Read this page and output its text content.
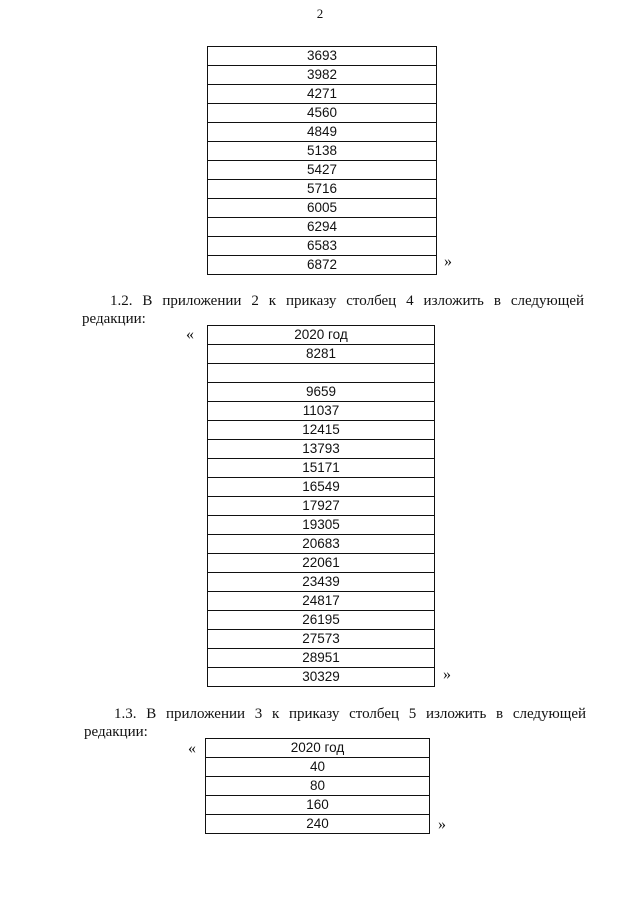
2
3693
3982
4271
4560
4849
5138
5427
5716
6005
6294
6583
6872	»
1.2. В приложении 2 к приказу столбец 4 изложить в следующей
редакции:
«	2020 год
8281

9659
11037
12415
13793
15171
16549
17927
19305
20683
22061
23439
24817
26195
27573
28951
30329	»
1.3. В приложении 3 к приказу столбец 5 изложить в следующей
редакции:
«	2020 год
40
80
160
240	»
